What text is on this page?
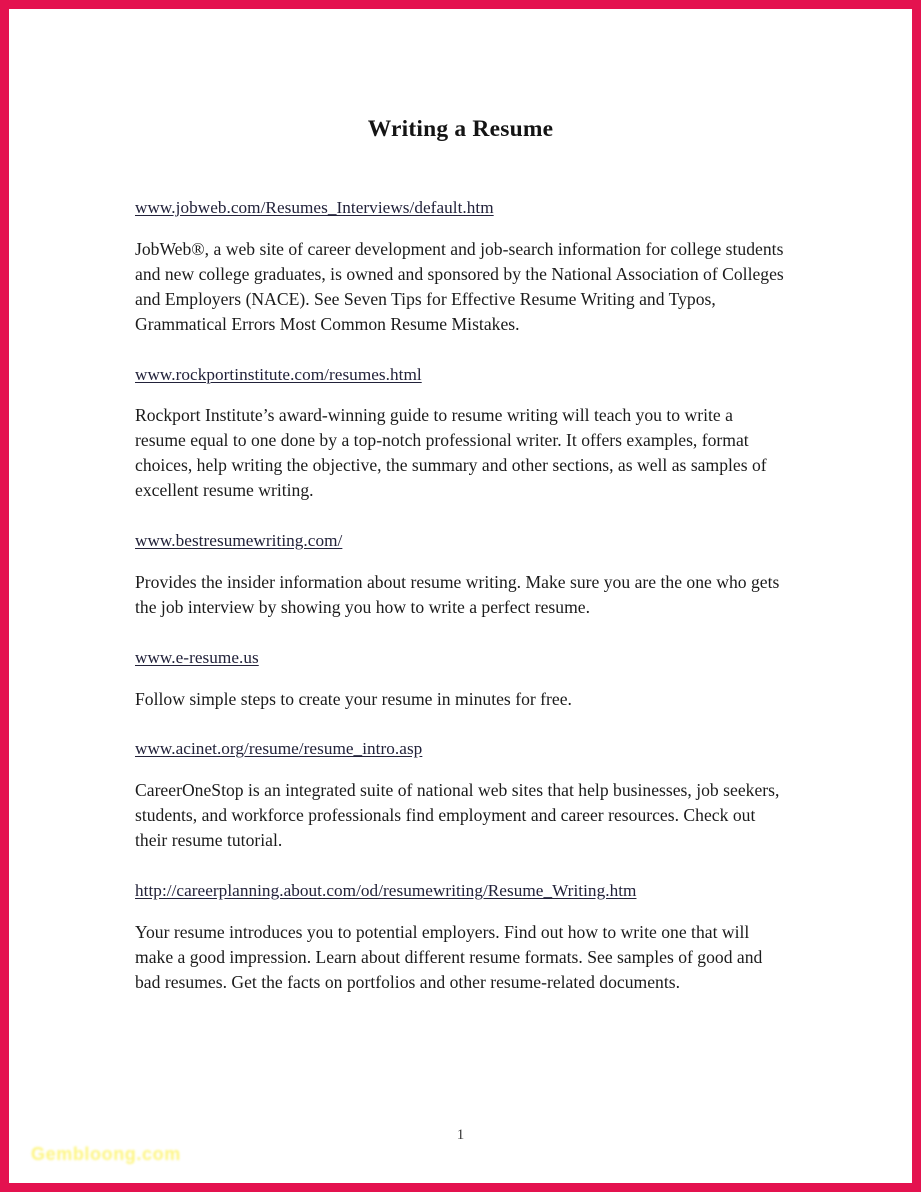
Writing a Resume
www.jobweb.com/Resumes_Interviews/default.htm
JobWeb®, a web site of career development and job-search information for college students and new college graduates, is owned and sponsored by the National Association of Colleges and Employers (NACE). See Seven Tips for Effective Resume Writing and Typos, Grammatical Errors Most Common Resume Mistakes.
www.rockportinstitute.com/resumes.html
Rockport Institute’s award-winning guide to resume writing will teach you to write a resume equal to one done by a top-notch professional writer. It offers examples, format choices, help writing the objective, the summary and other sections, as well as samples of excellent resume writing.
www.bestresumewriting.com/
Provides the insider information about resume writing. Make sure you are the one who gets the job interview by showing you how to write a perfect resume.
www.e-resume.us
Follow simple steps to create your resume in minutes for free.
www.acinet.org/resume/resume_intro.asp
CareerOneStop is an integrated suite of national web sites that help businesses, job seekers, students, and workforce professionals find employment and career resources. Check out their resume tutorial.
http://careerplanning.about.com/od/resumewriting/Resume_Writing.htm
Your resume introduces you to potential employers. Find out how to write one that will make a good impression. Learn about different resume formats. See samples of good and bad resumes. Get the facts on portfolios and other resume-related documents.
1
Gembloong.com
